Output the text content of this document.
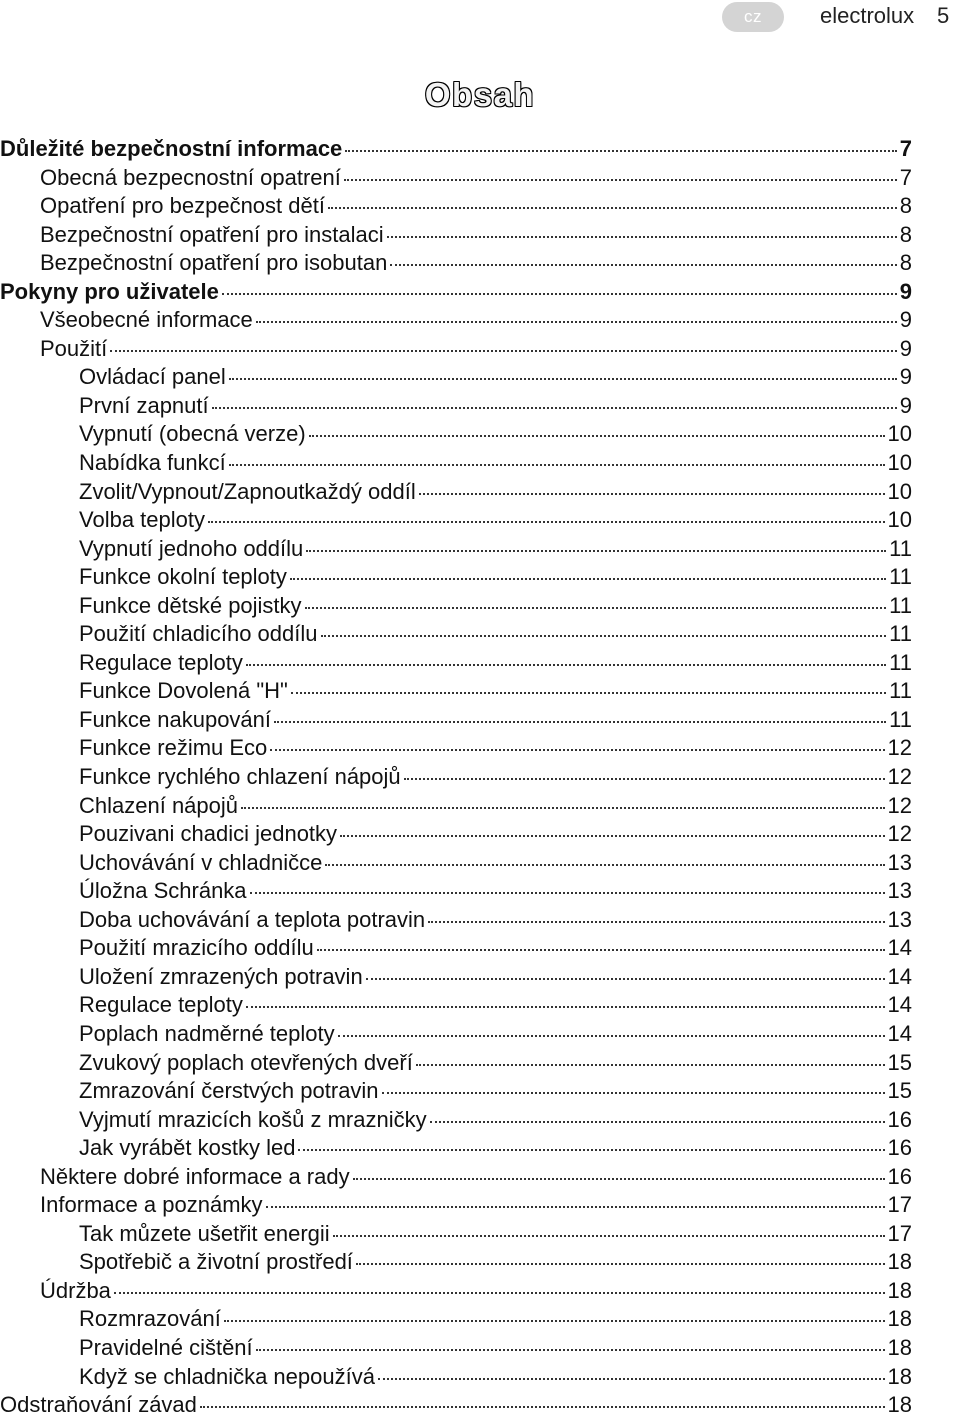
cz	electrolux 5
Obsah
Důležité bezpečnostní informace	7
Obecná bezpecnostní opatrení	7
Opatření pro bezpečnost dětí	8
Bezpečnostní opatření pro instalaci	8
Bezpečnostní opatření pro isobutan	8
Pokyny pro uživatele	9
Všeobecné informace	9
Použití	9
Ovládací panel	9
První zapnutí	9
Vypnutí (obecná verze)	10
Nabídka funkcí	10
Zvolit/Vypnout/Zapnoutkaždý oddíl	10
Volba teploty	10
Vypnutí jednoho oddílu	11
Funkce okolní teploty	11
Funkce dětské pojistky	11
Použití chladicího oddílu	11
Regulace teploty	11
Funkce Dovolená "H"	11
Funkce nakupování	11
Funkce režimu Eco	12
Funkce rychlého chlazení nápojů	12
Chlazení nápojů	12
Pouzivani chadici jednotky	12
Uchovávání v chladničce	13
Úložna Schránka	13
Doba uchovávání a teplota potravin	13
Použití mrazicího oddílu	14
Uložení zmrazených potravin	14
Regulace teploty	14
Poplach nadměrné teploty	14
Zvukový poplach otevřených dveří	15
Zmrazování čerstvých potravin	15
Vyjmutí mrazicích košů z mrazničky	16
Jak vyrábět kostky led	16
Někteге dobré informace a rady	16
Informace a poznámky	17
Tak můzete ušetřit energii	17
Spotřebič a životní prostředí	18
Údržba	18
Rozmrazování	18
Pravidelné cištění	18
Když se chladnička nepoužívá	18
Odstraňování závad	18
